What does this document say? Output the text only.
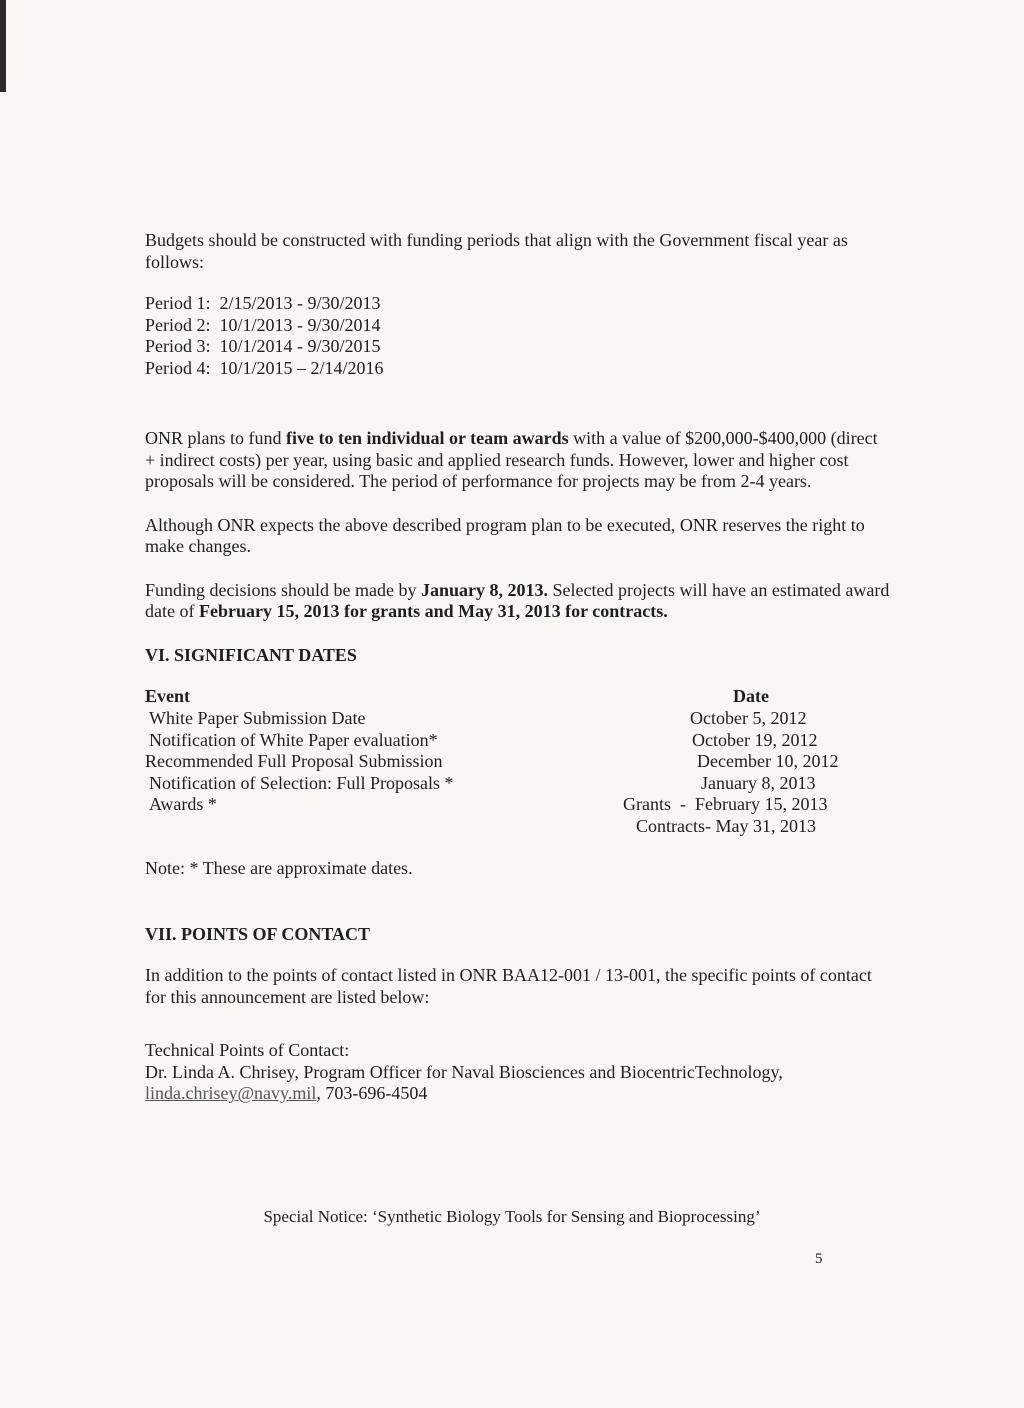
Budgets should be constructed with funding periods that align with the Government fiscal year as follows:

Period 1: 2/15/2013 - 9/30/2013
Period 2: 10/1/2013 - 9/30/2014
Period 3: 10/1/2014 - 9/30/2015
Period 4: 10/1/2015 – 2/14/2016

ONR plans to fund five to ten individual or team awards with a value of $200,000-$400,000 (direct + indirect costs) per year, using basic and applied research funds. However, lower and higher cost proposals will be considered. The period of performance for projects may be from 2-4 years.

Although ONR expects the above described program plan to be executed, ONR reserves the right to make changes.

Funding decisions should be made by January 8, 2013. Selected projects will have an estimated award date of February 15, 2013 for grants and May 31, 2013 for contracts.

VI. SIGNIFICANT DATES
Event	Date
White Paper Submission Date	October 5, 2012
Notification of White Paper evaluation*	October 19, 2012
Recommended Full Proposal Submission	December 10, 2012
Notification of Selection: Full Proposals *	January 8, 2013
Awards *	Grants  -  February 15, 2013
Contracts- May 31, 2013

Note: * These are approximate dates.

VII. POINTS OF CONTACT

In addition to the points of contact listed in ONR BAA12-001 / 13-001, the specific points of contact for this announcement are listed below:

Technical Points of Contact:

Dr. Linda A. Chrisey, Program Officer for Naval Biosciences and BiocentricTechnology,

linda.chrisey@navy.mil, 703-696-4504

Special Notice: ‘Synthetic Biology Tools for Sensing and Bioprocessing’
5
